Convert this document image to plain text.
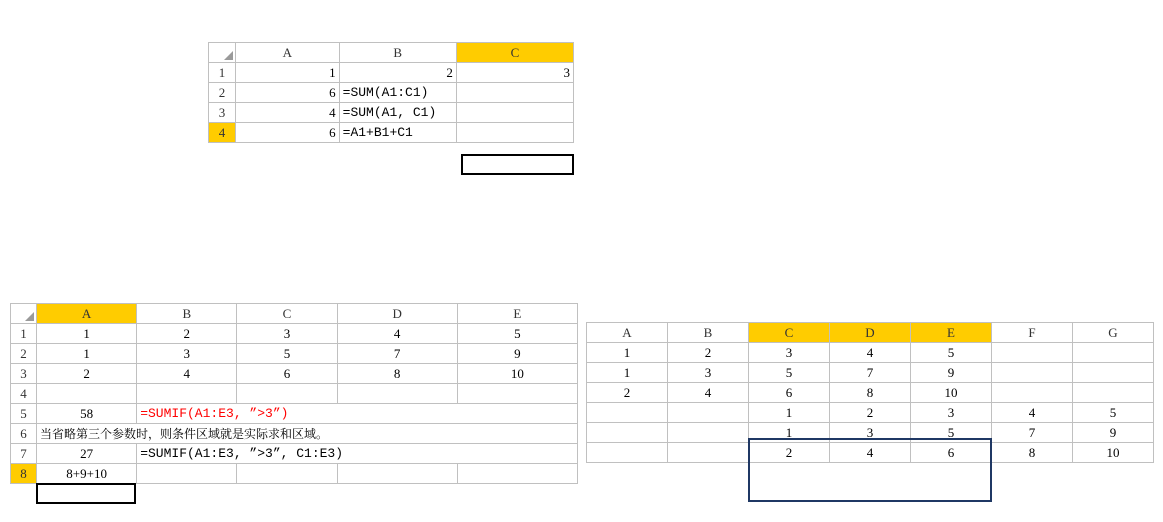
	A	B	C
1	1	2	3
2	6	=SUM(A1:C1)	
3	4	=SUM(A1, C1)	
4	6	=A1+B1+C1	
	A	B	C	D	E
1	1	2	3	4	5
2	1	3	5	7	9
3	2	4	6	8	10
4					
5	58	=SUMIF(A1:E3, ”>3”)			
6	当省略第三个参数时，则条件区域就是实际求和区域。				
7	27	=SUMIF(A1:E3, ”>3”, C1:E3)			
8	8+9+10				
A	B	C	D	E	F	G
1	2	3	4	5		
1	3	5	7	9		
2	4	6	8	10		
		1	2	3	4	5
		1	3	5	7	9
		2	4	6	8	10
